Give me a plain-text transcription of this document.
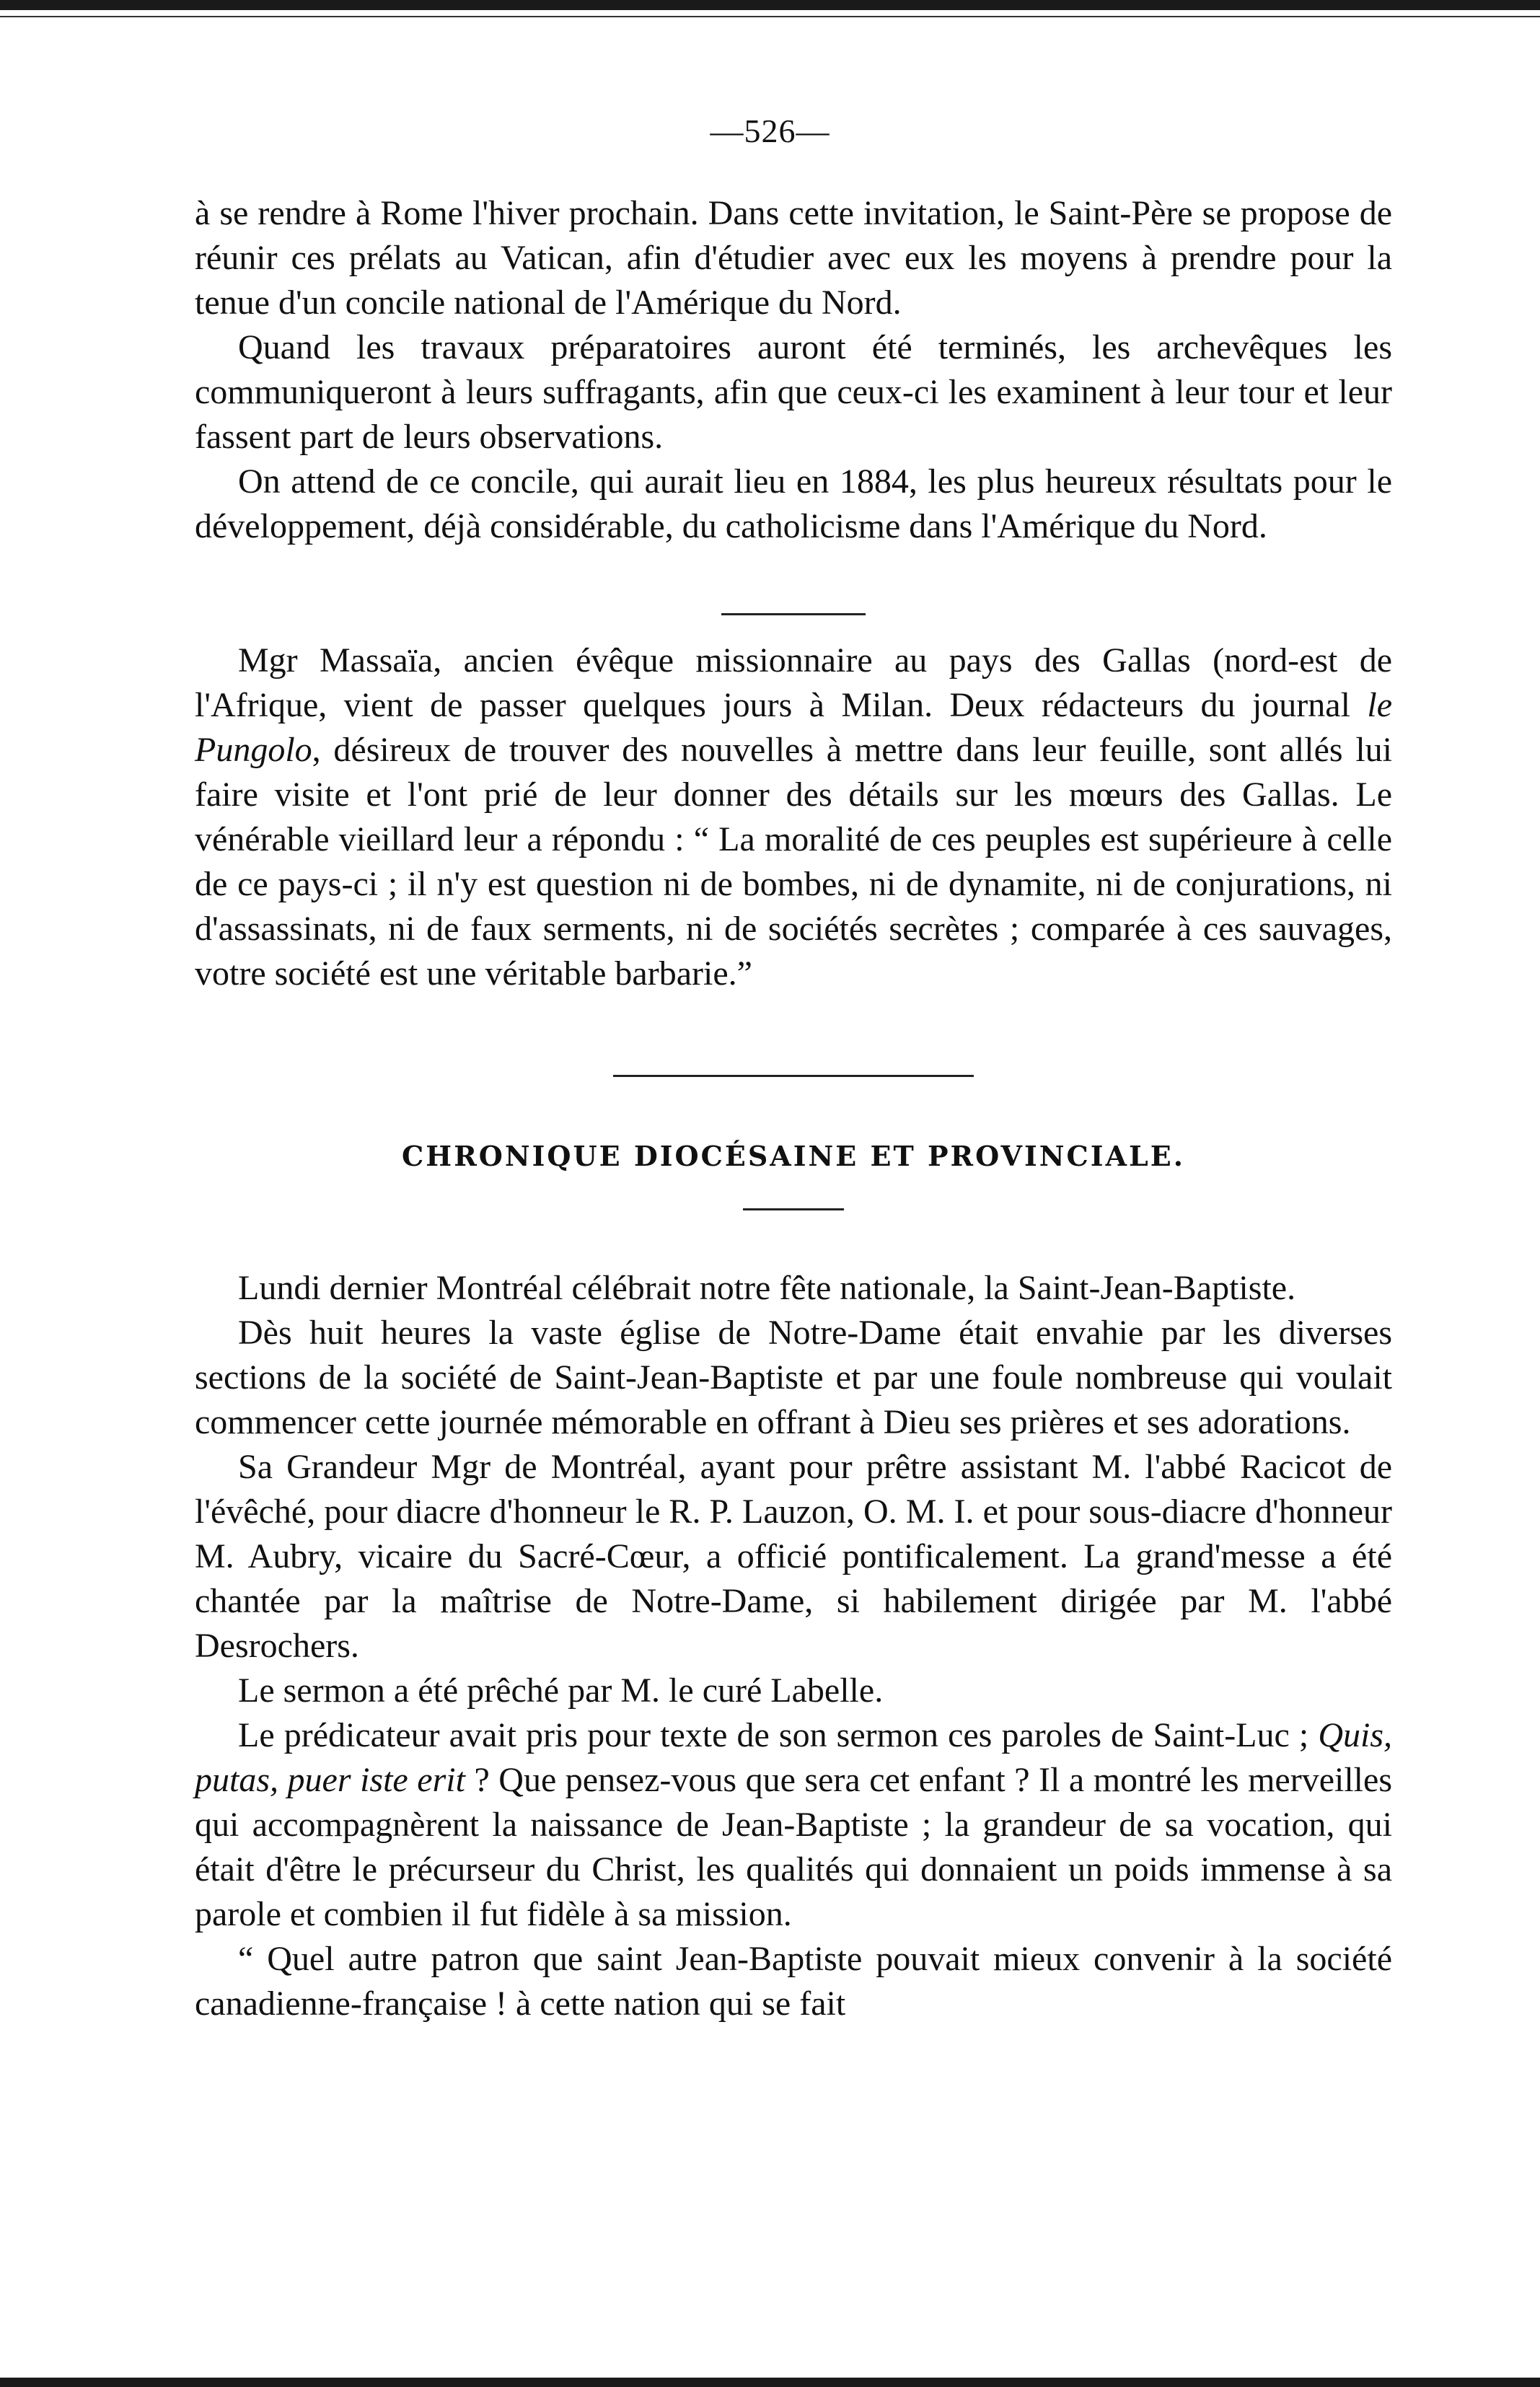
—526—

à se rendre à Rome l'hiver prochain. Dans cette invitation, le Saint-Père se propose de réunir ces prélats au Vatican, afin d'étudier avec eux les moyens à prendre pour la tenue d'un concile national de l'Amérique du Nord.

Quand les travaux préparatoires auront été terminés, les archevêques les communiqueront à leurs suffragants, afin que ceux-ci les examinent à leur tour et leur fassent part de leurs observations.

On attend de ce concile, qui aurait lieu en 1884, les plus heureux résultats pour le développement, déjà considérable, du catholicisme dans l'Amérique du Nord.

Mgr Massaïa, ancien évêque missionnaire au pays des Gallas (nord-est de l'Afrique, vient de passer quelques jours à Milan. Deux rédacteurs du journal le Pungolo, désireux de trouver des nouvelles à mettre dans leur feuille, sont allés lui faire visite et l'ont prié de leur donner des détails sur les mœurs des Gallas. Le vénérable vieillard leur a répondu : “ La moralité de ces peuples est supérieure à celle de ce pays-ci ; il n'y est question ni de bombes, ni de dynamite, ni de conjurations, ni d'assassinats, ni de faux serments, ni de sociétés secrètes ; comparée à ces sauvages, votre société est une véritable barbarie.”

CHRONIQUE DIOCÉSAINE ET PROVINCIALE.

Lundi dernier Montréal célébrait notre fête nationale, la Saint-Jean-Baptiste.

Dès huit heures la vaste église de Notre-Dame était envahie par les diverses sections de la société de Saint-Jean-Baptiste et par une foule nombreuse qui voulait commencer cette journée mémorable en offrant à Dieu ses prières et ses adorations.

Sa Grandeur Mgr de Montréal, ayant pour prêtre assistant M. l'abbé Racicot de l'évêché, pour diacre d'honneur le R. P. Lauzon, O. M. I. et pour sous-diacre d'honneur M. Aubry, vicaire du Sacré-Cœur, a officié pontificalement. La grand'messe a été chantée par la maîtrise de Notre-Dame, si habilement dirigée par M. l'abbé Desrochers.

Le sermon a été prêché par M. le curé Labelle.

Le prédicateur avait pris pour texte de son sermon ces paroles de Saint-Luc ; Quis, putas, puer iste erit ? Que pensez-vous que sera cet enfant ? Il a montré les merveilles qui accompagnèrent la naissance de Jean-Baptiste ; la grandeur de sa vocation, qui était d'être le précurseur du Christ, les qualités qui donnaient un poids immense à sa parole et combien il fut fidèle à sa mission.

“ Quel autre patron que saint Jean-Baptiste pouvait mieux convenir à la société canadienne-française ! à cette nation qui se fait
